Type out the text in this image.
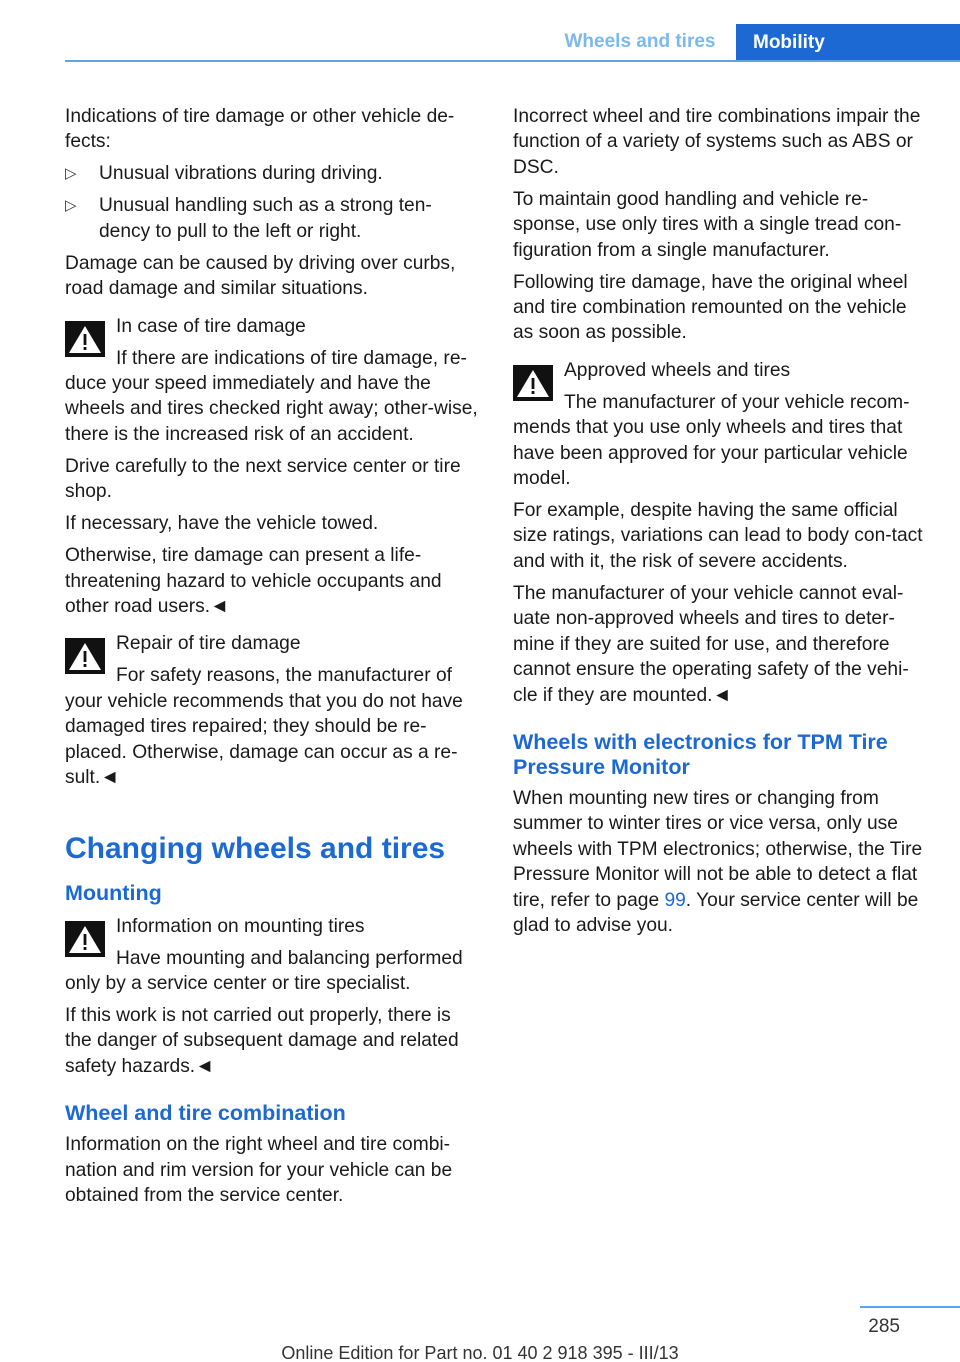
Wheels and tires	Mobility

Indications of tire damage or other vehicle de-fects:

▷ Unusual vibrations during driving.
▷ Unusual handling such as a strong ten-dency to pull to the left or right.

Damage can be caused by driving over curbs, road damage and similar situations.

In case of tire damage

If there are indications of tire damage, re-duce your speed immediately and have the wheels and tires checked right away; other-wise, there is the increased risk of an accident.

Drive carefully to the next service center or tire shop.

If necessary, have the vehicle towed.

Otherwise, tire damage can present a life-threatening hazard to vehicle occupants and other road users.◄

Repair of tire damage

For safety reasons, the manufacturer of your vehicle recommends that you do not have damaged tires repaired; they should be re-placed. Otherwise, damage can occur as a re-sult.◄

Changing wheels and tires
Mounting
Information on mounting tires

Have mounting and balancing performed only by a service center or tire specialist.

If this work is not carried out properly, there is the danger of subsequent damage and related safety hazards.◄

Wheel and tire combination

Information on the right wheel and tire combi-nation and rim version for your vehicle can be obtained from the service center.

Incorrect wheel and tire combinations impair the function of a variety of systems such as ABS or DSC.

To maintain good handling and vehicle re-sponse, use only tires with a single tread con-figuration from a single manufacturer.

Following tire damage, have the original wheel and tire combination remounted on the vehicle as soon as possible.

Approved wheels and tires

The manufacturer of your vehicle recom-mends that you use only wheels and tires that have been approved for your particular vehicle model.

For example, despite having the same official size ratings, variations can lead to body con-tact and with it, the risk of severe accidents.

The manufacturer of your vehicle cannot eval-uate non-approved wheels and tires to deter-mine if they are suited for use, and therefore cannot ensure the operating safety of the vehi-cle if they are mounted.◄

Wheels with electronics for TPM Tire Pressure Monitor

When mounting new tires or changing from summer to winter tires or vice versa, only use wheels with TPM electronics; otherwise, the Tire Pressure Monitor will not be able to detect a flat tire, refer to page 99. Your service center will be glad to advise you.

285
Online Edition for Part no. 01 40 2 918 395 - III/13
